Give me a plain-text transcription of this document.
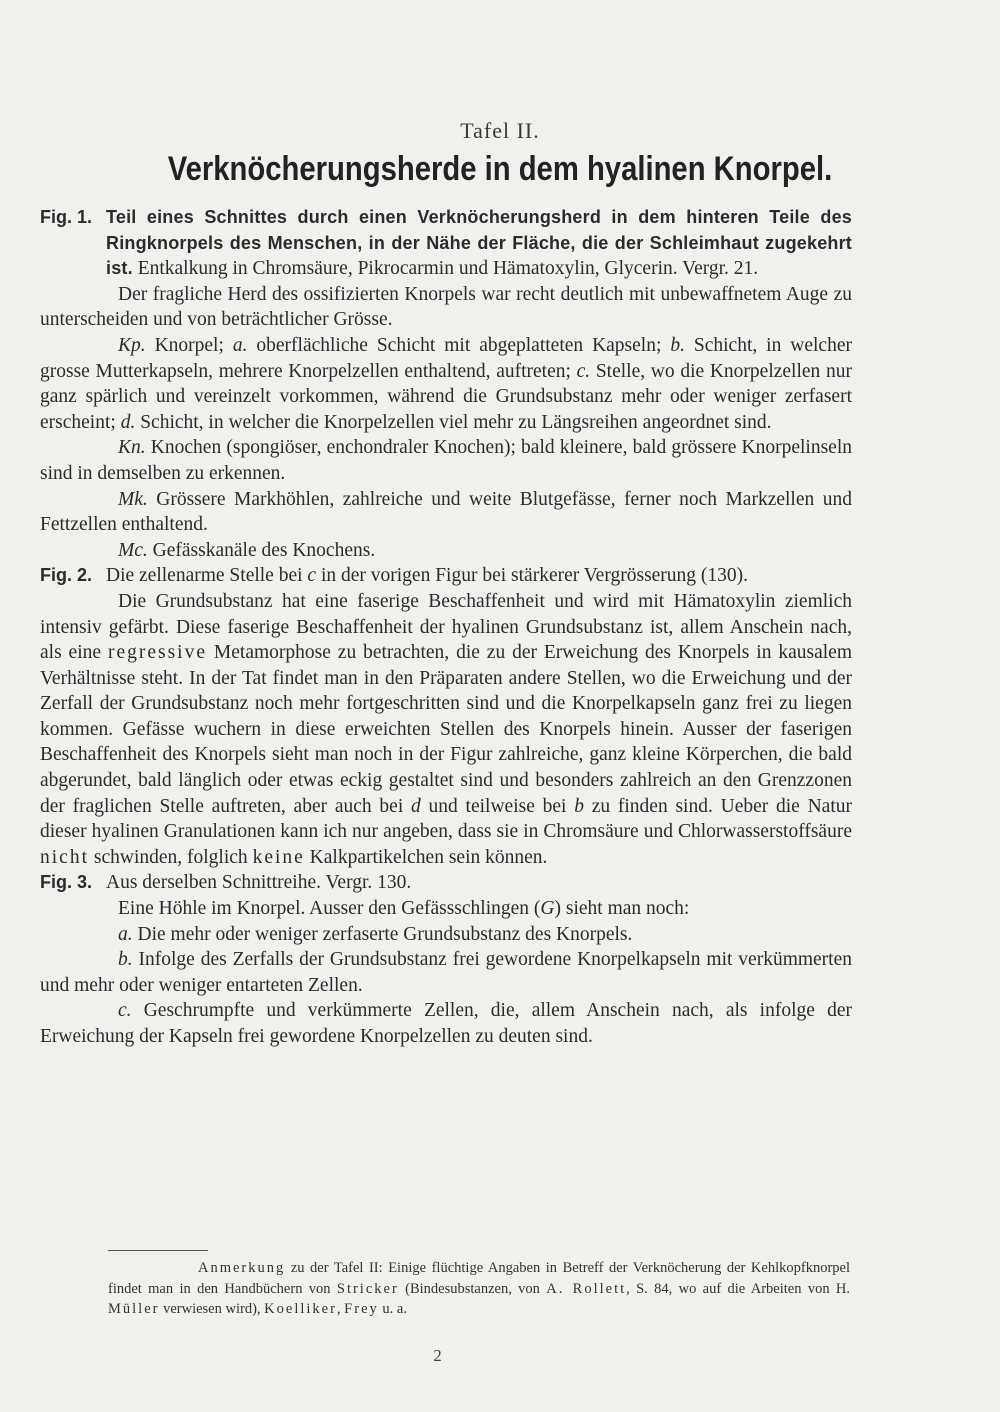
Tafel II.
Verknöcherungsherde in dem hyalinen Knorpel.
Fig. 1. Teil eines Schnittes durch einen Verknöcherungsherd in dem hinteren Teile des Ringknorpels des Menschen, in der Nähe der Fläche, die der Schleimhaut zugekehrt ist. Entkalkung in Chromsäure, Pikrocarmin und Hämatoxylin, Glycerin. Vergr. 21.

Der fragliche Herd des ossifizierten Knorpels war recht deutlich mit unbewaffnetem Auge zu unterscheiden und von beträchtlicher Grösse.

Kp. Knorpel; a. oberflächliche Schicht mit abgeplatteten Kapseln; b. Schicht, in welcher grosse Mutterkapseln, mehrere Knorpelzellen enthaltend, auftreten; c. Stelle, wo die Knorpelzellen nur ganz spärlich und vereinzelt vorkommen, während die Grundsubstanz mehr oder weniger zerfasert erscheint; d. Schicht, in welcher die Knorpelzellen viel mehr zu Längsreihen angeordnet sind.

Kn. Knochen (spongiöser, enchondraler Knochen); bald kleinere, bald grössere Knorpelinseln sind in demselben zu erkennen.

Mk. Grössere Markhöhlen, zahlreiche und weite Blutgefässe, ferner noch Markzellen und Fettzellen enthaltend.

Mc. Gefässkanäle des Knochens.

Fig. 2. Die zellenarme Stelle bei c in der vorigen Figur bei stärkerer Vergrösserung (130).

Die Grundsubstanz hat eine faserige Beschaffenheit und wird mit Hämatoxylin ziemlich intensiv gefärbt. Diese faserige Beschaffenheit der hyalinen Grundsubstanz ist, allem Anschein nach, als eine regressive Metamorphose zu betrachten, die zu der Erweichung des Knorpels in kausalem Verhältnisse steht. In der Tat findet man in den Präparaten andere Stellen, wo die Erweichung und der Zerfall der Grundsubstanz noch mehr fortgeschritten sind und die Knorpelkapseln ganz frei zu liegen kommen. Gefässe wuchern in diese erweichten Stellen des Knorpels hinein. Ausser der faserigen Beschaffenheit des Knorpels sieht man noch in der Figur zahlreiche, ganz kleine Körperchen, die bald abgerundet, bald länglich oder etwas eckig gestaltet sind und besonders zahlreich an den Grenzzonen der fraglichen Stelle auftreten, aber auch bei d und teilweise bei b zu finden sind. Ueber die Natur dieser hyalinen Granulationen kann ich nur angeben, dass sie in Chromsäure und Chlorwasserstoffsäure nicht schwinden, folglich keine Kalkpartikelchen sein können.

Fig. 3. Aus derselben Schnittreihe. Vergr. 130.

Eine Höhle im Knorpel. Ausser den Gefässschlingen (G) sieht man noch:

a. Die mehr oder weniger zerfaserte Grundsubstanz des Knorpels.

b. Infolge des Zerfalls der Grundsubstanz frei gewordene Knorpelkapseln mit verkümmerten und mehr oder weniger entarteten Zellen.

c. Geschrumpfte und verkümmerte Zellen, die, allem Anschein nach, als infolge der Erweichung der Kapseln frei gewordene Knorpelzellen zu deuten sind.

Anmerkung zu der Tafel II: Einige flüchtige Angaben in Betreff der Verknöcherung der Kehlkopfknorpel findet man in den Handbüchern von Stricker (Bindesubstanzen, von A. Rollett, S. 84, wo auf die Arbeiten von H. Müller verwiesen wird), Koelliker, Frey u. a.

2
